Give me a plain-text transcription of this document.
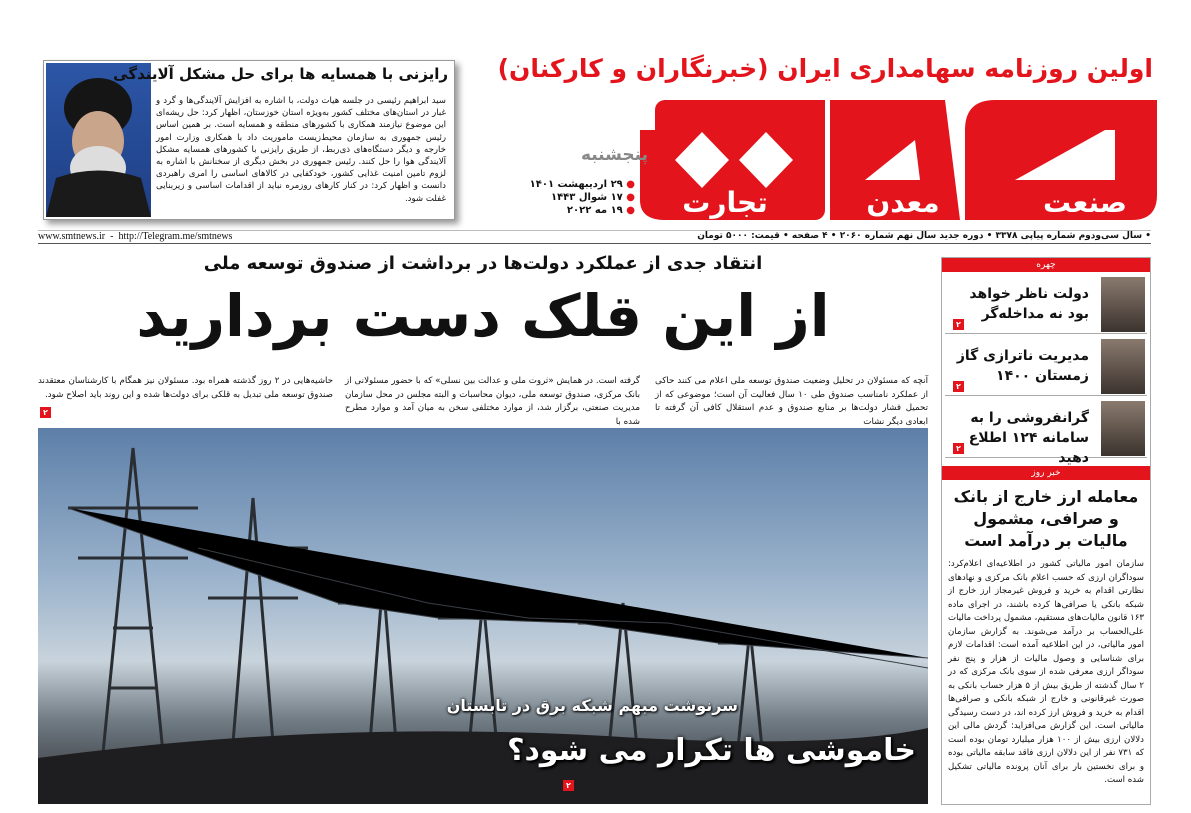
رایزنی با همسایه ها برای حل مشکل آلایندگی

سید ابراهیم رئیسی در جلسه هیات دولت، با اشاره به افزایش آلایندگی‌ها و گرد و غبار در استان‌های مختلف کشور به‌ویژه استان خوزستان، اظهار کرد: حل ریشه‌ای این موضوع نیازمند همکاری با کشورهای منطقه و همسایه است. بر همین اساس رئیس جمهوری به سازمان محیط‌زیست ماموریت داد با همکاری وزارت امور خارجه و دیگر دستگاه‌های ذی‌ربط، از طریق رایزنی با کشورهای همسایه مشکل آلایندگی هوا را حل کنند. رئیس جمهوری در بخش دیگری از سخنانش با اشاره به لزوم تامین امنیت غذایی کشور، خودکفایی در کالاهای اساسی را امری راهبردی دانست و اظهار کرد: در کنار کارهای روزمره نباید از اقدامات اساسی و زیربنایی غفلت شود.

اولین روزنامه سهامداری ایران (خبرنگاران و کارکنان)
صنعت
معدن
تجارت
پنجشنبه
● ۲۹ اردیبهشت ۱۴۰۱
● ۱۷ شوال ۱۴۴۳
● ۱۹ مه ۲۰۲۲
• سال سی‌ودوم شماره پیاپی ۳۳۷۸ • دوره جدید سال نهم شماره ۲۰۶۰ • ۴ صفحه • قیمت: ۵۰۰۰ تومان
www.smtnews.ir  -  http://Telegram.me/smtnews
انتقاد جدی از عملکرد دولت‌ها در برداشت از صندوق توسعه ملی
از این قلک دست بردارید
آنچه که مسئولان در تحلیل وضعیت صندوق توسعه ملی اعلام می کنند حاکی از عملکرد نامناسب صندوق طی ۱۰ سال فعالیت آن است؛ موضوعی که از تحمیل فشار دولت‌ها بر منابع صندوق و عدم استقلال کافی آن گرفته تا ابعادی دیگر نشات
گرفته است. در همایش «ثروت ملی و عدالت بین نسلی» که با حضور مسئولانی از بانک مرکزی، صندوق توسعه ملی، دیوان محاسبات و البته مجلس در محل سازمان مدیریت صنعتی، برگزار شد، از موارد مختلفی سخن به میان آمد و موارد مطرح شده با
حاشیه‌هایی در ۲ روز گذشته همراه بود. مسئولان نیز همگام با کارشناسان معتقدند صندوق توسعه ملی تبدیل به قلکی برای دولت‌ها شده و این روند باید اصلاح شود.
۲
سرنوشت مبهم شبکه برق در تابستان
خاموشی ها تکرار می شود؟
۲
چهره
دولت ناظر خواهد بود نه مداخله‌گر
۲
مدیریت ناترازی گاز زمستان ۱۴۰۰
۲
گرانفروشی را به سامانه ۱۲۴ اطلاع دهید
۲
خبر روز
معامله ارز خارج از بانک و صرافی، مشمول مالیات بر درآمد است

سازمان امور مالیاتی کشور در اطلاعیه‌ای اعلام‌کرد: سوداگران ارزی که حسب اعلام بانک مرکزی و نهادهای نظارتی اقدام به خرید و فروش غیرمجاز ارز خارج از شبکه بانکی یا صرافی‌ها کرده باشند، در اجرای ماده ۱۶۳ قانون مالیات‌های مستقیم، مشمول پرداخت مالیات علی‌الحساب بر درآمد می‌شوند. به گزارش سازمان امور مالیاتی، در این اطلاعیه آمده است: اقدامات لازم برای شناسایی و وصول مالیات از هزار و پنج نفر سوداگر ارزی معرفی شده از سوی بانک مرکزی که در ۲ سال گذشته از طریق بیش از ۵ هزار حساب بانکی به صورت غیرقانونی و خارج از شبکه بانکی و صرافی‌ها اقدام به خرید و فروش ارز کرده اند، در دست رسیدگی مالیاتی است. این گزارش می‌افزاید: گردش مالی این دلالان ارزی بیش از ۱۰۰ هزار میلیارد تومان بوده است که ۷۳۱ نفر از این دلالان ارزی فاقد سابقه مالیاتی بوده و برای نخستین بار برای آنان پرونده مالیاتی تشکیل شده است.
